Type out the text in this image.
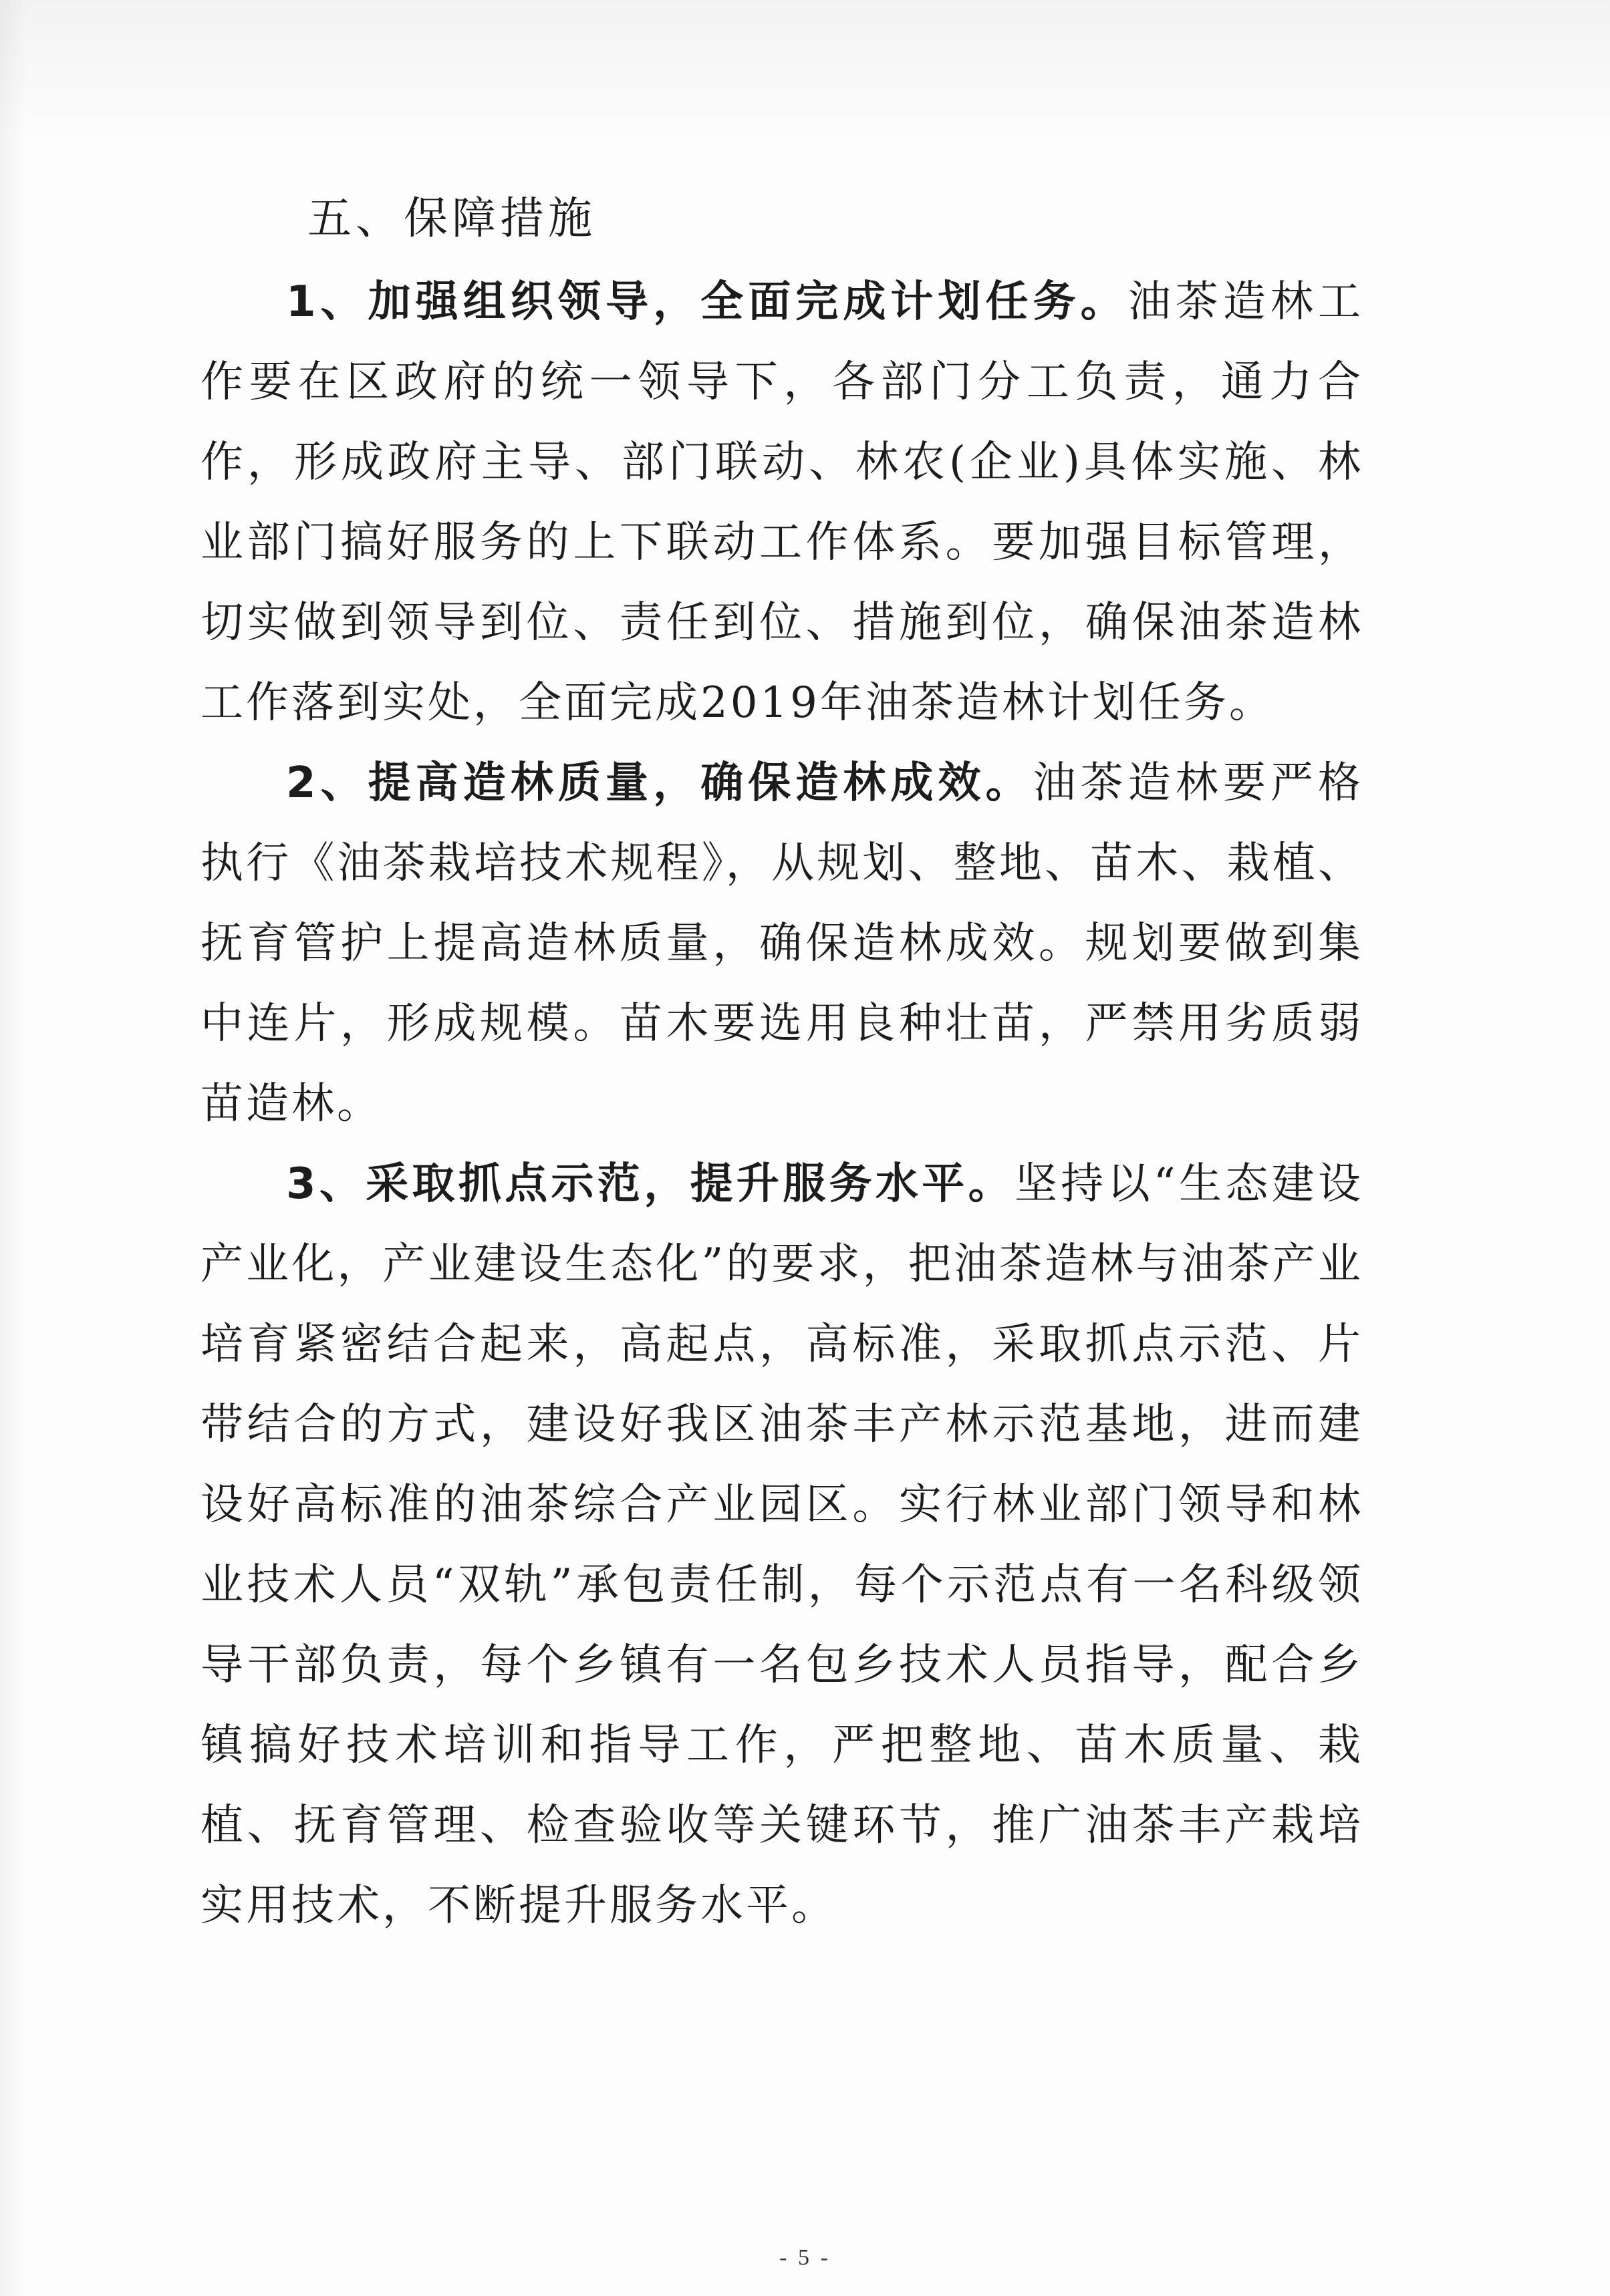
五、保障措施

1、加强组织领导，全面完成计划任务。油茶造林工作要在区政府的统一领导下，各部门分工负责，通力合作，形成政府主导、部门联动、林农(企业)具体实施、林业部门搞好服务的上下联动工作体系。要加强目标管理，切实做到领导到位、责任到位、措施到位，确保油茶造林工作落到实处，全面完成2019年油茶造林计划任务。

2、提高造林质量，确保造林成效。油茶造林要严格执行《油茶栽培技术规程》，从规划、整地、苗木、栽植、抚育管护上提高造林质量，确保造林成效。规划要做到集中连片，形成规模。苗木要选用良种壮苗，严禁用劣质弱苗造林。

3、采取抓点示范，提升服务水平。坚持以“生态建设产业化，产业建设生态化”的要求，把油茶造林与油茶产业培育紧密结合起来，高起点，高标准，采取抓点示范、片带结合的方式，建设好我区油茶丰产林示范基地，进而建设好高标准的油茶综合产业园区。实行林业部门领导和林业技术人员“双轨”承包责任制，每个示范点有一名科级领导干部负责，每个乡镇有一名包乡技术人员指导，配合乡镇搞好技术培训和指导工作，严把整地、苗木质量、栽植、抚育管理、检查验收等关键环节，推广油茶丰产栽培实用技术，不断提升服务水平。

- 5 -
